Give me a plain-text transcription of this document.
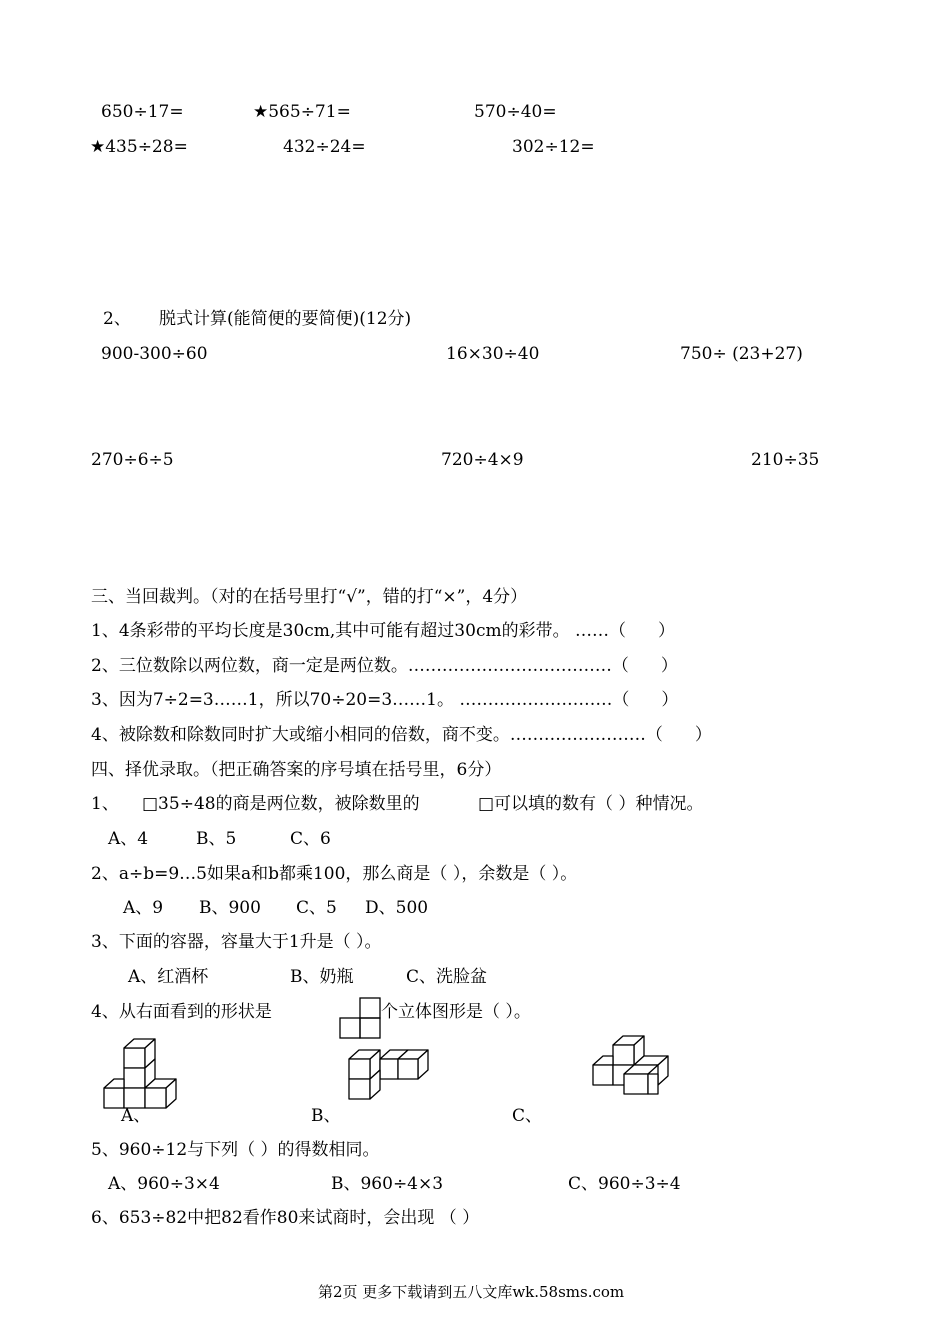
650÷17=	★565÷71=	570÷40=
★435÷28=	432÷24=	302÷12=
2、 脱式计算(能简便的要简便)(12分)
900-300÷60	16×30÷40	750÷ (23+27)
270÷6÷5	720÷4×9	210÷35
三、当回裁判。（对的在括号里打“√”，错的打“×”，4分）
1、4条彩带的平均长度是30cm,其中可能有超过30cm的彩带。 ……（ ）
2、三位数除以两位数，商一定是两位数。………………………………（ ）
3、因为7÷2=3……1，所以70÷20=3……1。 ………………………（ ）
4、被除数和除数同时扩大或缩小相同的倍数，商不变。……………………（ ）
四、择优录取。（把正确答案的序号填在括号里，6分）
1、 □35÷48的商是两位数，被除数里的	□可以填的数有（ ）种情况。
A、4	B、5	C、6
2、a÷b=9…5如果a和b都乘100，那么商是（ ），余数是（ ）。
A、9 B、900 C、5 D、500
3、下面的容器，容量大于1升是（ ）。
A、红酒杯	B、奶瓶	C、洗脸盆
4、从右面看到的形状是	个立体图形是（ ）。
A、	B、	C、
5、960÷12与下列（ ）的得数相同。
A、960÷3×4	B、960÷4×3	C、960÷3÷4
6、653÷82中把82看作80来试商时，会出现 （ ）
第2页 更多下载请到五八文库wk.58sms.com
